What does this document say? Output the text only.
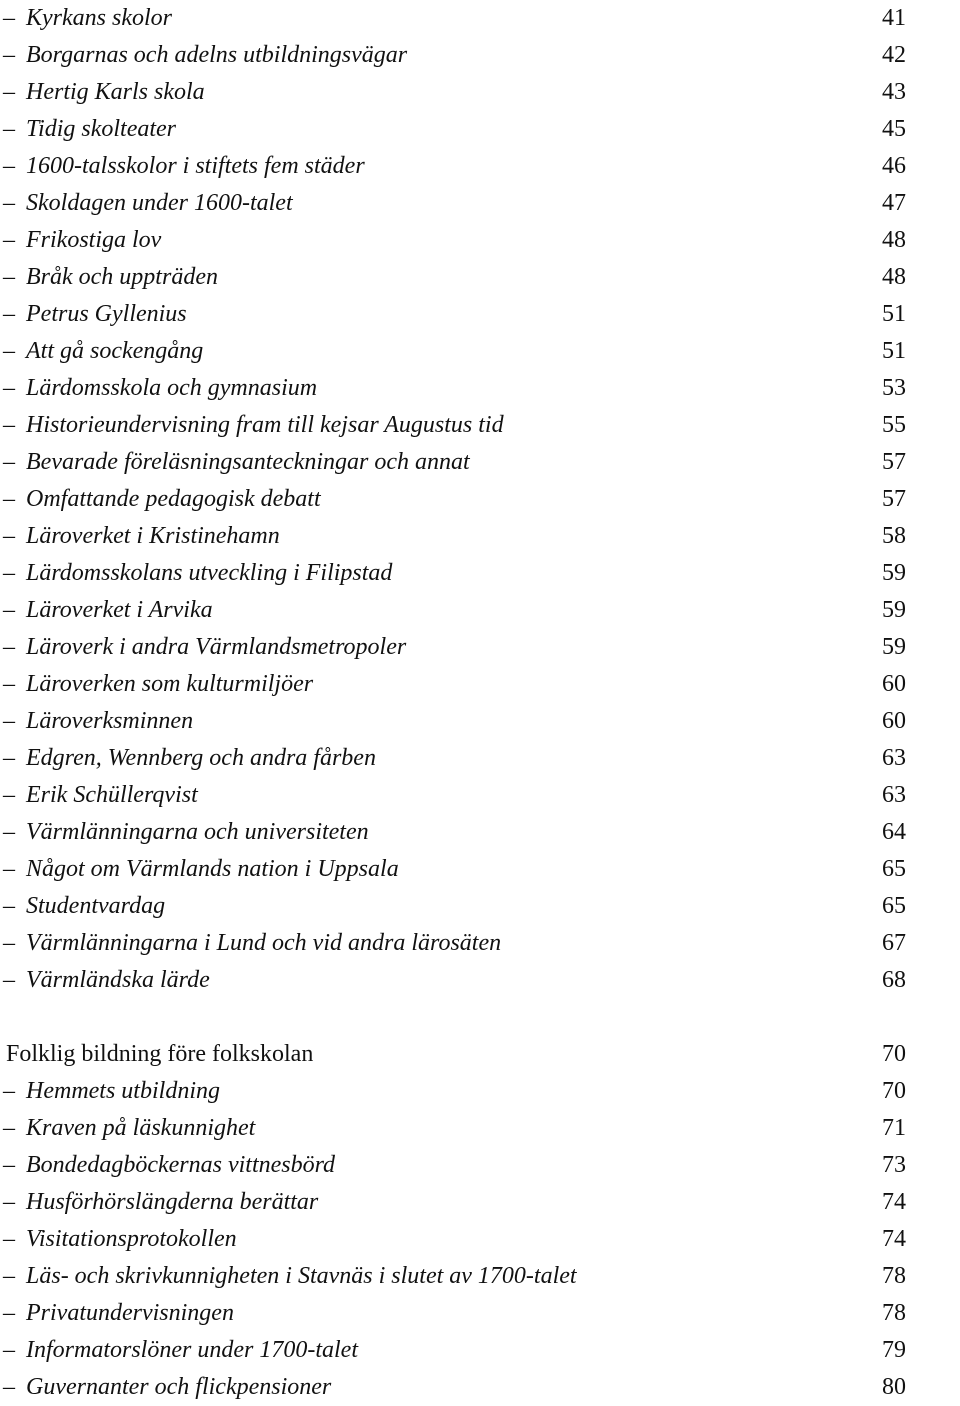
– Kyrkans skolor	41
– Borgarnas och adelns utbildningsvägar	42
– Hertig Karls skola	43
– Tidig skolteater	45
– 1600-talsskolor i stiftets fem städer	46
– Skoldagen under 1600-talet	47
– Frikostiga lov	48
– Bråk och uppträden	48
– Petrus Gyllenius	51
– Att gå sockengång	51
– Lärdomsskola och gymnasium	53
– Historieundervisning fram till kejsar Augustus tid	55
– Bevarade föreläsningsanteckningar och annat	57
– Omfattande pedagogisk debatt	57
– Läroverket i Kristinehamn	58
– Lärdomsskolans utveckling i Filipstad	59
– Läroverket i Arvika	59
– Läroverk i andra Värmlandsmetropoler	59
– Läroverken som kulturmiljöer	60
– Läroverksminnen	60
– Edgren, Wennberg och andra fårben	63
– Erik Schüllerqvist	63
– Värmlänningarna och universiteten	64
– Något om Värmlands nation i Uppsala	65
– Studentvardag	65
– Värmlänningarna i Lund och vid andra lärosäten	67
– Värmländska lärde	68
Folklig bildning före folkskolan	70
– Hemmets utbildning	70
– Kraven på läskunnighet	71
– Bondedagböckernas vittnesbörd	73
– Husförhörslängderna berättar	74
– Visitationsprotokollen	74
– Läs- och skrivkunnigheten i Stavnäs i slutet av 1700-talet	78
– Privatundervisningen	78
– Informatorslöner under 1700-talet	79
– Guvernanter och flickpensioner	80
